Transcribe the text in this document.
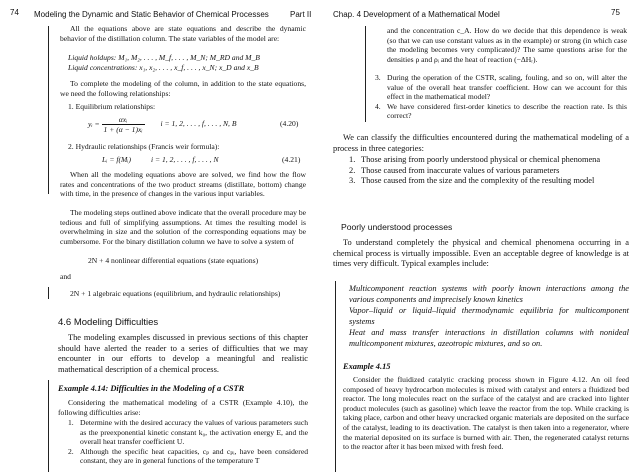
74 Modeling the Dynamic and Static Behavior of Chemical Processes	Part II

All the equations above are state equations and describe the dynamic behavior of the distillation column. The state variables of the model are:

Liquid holdups: M₁, M₂, . . . , M_f, . . . , M_N; M_RD and M_B

Liquid concentrations: x₁, x₂, . . . , x_f, . . . , x_N; x_D and x_B

To complete the modeling of the column, in addition to the state equations, we need the following relationships:

1. Equilibrium relationships:

yᵢ = $\frac{\text{αxᵢ}}{\text{1 + (α − 1)xᵢ}}$ i = 1, 2, . . . , f, . . . , N, B	(4.20)

2. Hydraulic relationships (Francis weir formula):

Lᵢ = f(Mᵢ)	i = 1, 2, . . . , f, . . . , N	(4.21)

When all the modeling equations above are solved, we find how the flow rates and concentrations of the two product streams (distillate, bottom) change with time, in the presence of changes in the various input variables.

The modeling steps outlined above indicate that the overall procedure may be tedious and full of simplifying assumptions. At times the resulting model is overwhelming in size and the solution of the corresponding equations may be cumbersome. For the binary distillation column we have to solve a system of

2N + 4 nonlinear differential equations (state equations)

and

2N + 1 algebraic equations (equilibrium, and hydraulic relationships)

4.6 Modeling Difficulties

The modeling examples discussed in previous sections of this chapter should have alerted the reader to a series of difficulties that we may encounter in our efforts to develop a meaningful and realistic mathematical description of a chemical process.

Example 4.14: Difficulties in the Modeling of a CSTR

Considering the mathematical modeling of a CSTR (Example 4.10), the following difficulties arise:

1. Determine with the desired accuracy the values of various parameters such as the preexponential kinetic constant k₀, the activation energy E, and the overall heat transfer coefficient U.
2. Although the specific heat capacities, cₚ and cₚᵢ, have been considered constant, they are in general functions of the temperature T
Chap. 4 Development of a Mathematical Model	75

and the concentration c_A. How do we decide that this dependence is weak (so that we can use constant values as in the example) or strong (in which case the modeling becomes very complicated)? The same questions arise for the densities ρ and ρᵢ and the heat of reaction (−ΔHᵣ).

3. During the operation of the CSTR, scaling, fouling, and so on, will alter the value of the overall heat transfer coefficient. How can we account for this effect in the mathematical model?
4. We have considered first-order kinetics to describe the reaction rate. Is this correct?

We can classify the difficulties encountered during the mathematical modeling of a process in three categories:

1. Those arising from poorly understood physical or chemical phenomena
2. Those caused from inaccurate values of various parameters
3. Those caused from the size and the complexity of the resulting model
Poorly understood processes

To understand completely the physical and chemical phenomena occurring in a chemical process is virtually impossible. Even an acceptable degree of knowledge is at times very difficult. Typical examples include:

Multicomponent reaction systems with poorly known interactions among the various components and imprecisely known kinetics

Vapor–liquid or liquid–liquid thermodynamic equilibria for multicomponent systems

Heat and mass transfer interactions in distillation columns with nonideal multicomponent mixtures, azeotropic mixtures, and so on.

Example 4.15

Consider the fluidized catalytic cracking process shown in Figure 4.12. An oil feed composed of heavy hydrocarbon molecules is mixed with catalyst and enters a fluidized bed reactor. The long molecules react on the surface of the catalyst and are cracked into lighter product molecules (such as gasoline) which leave the reactor from the top. While cracking is taking place, carbon and other heavy uncracked organic materials are deposited on the surface of the catalyst, leading to its deactivation. The catalyst is then taken into a regenerator, where the material deposited on its surface is burned with air. Then, the regenerated catalyst returns to the reactor after it has been mixed with fresh feed.
